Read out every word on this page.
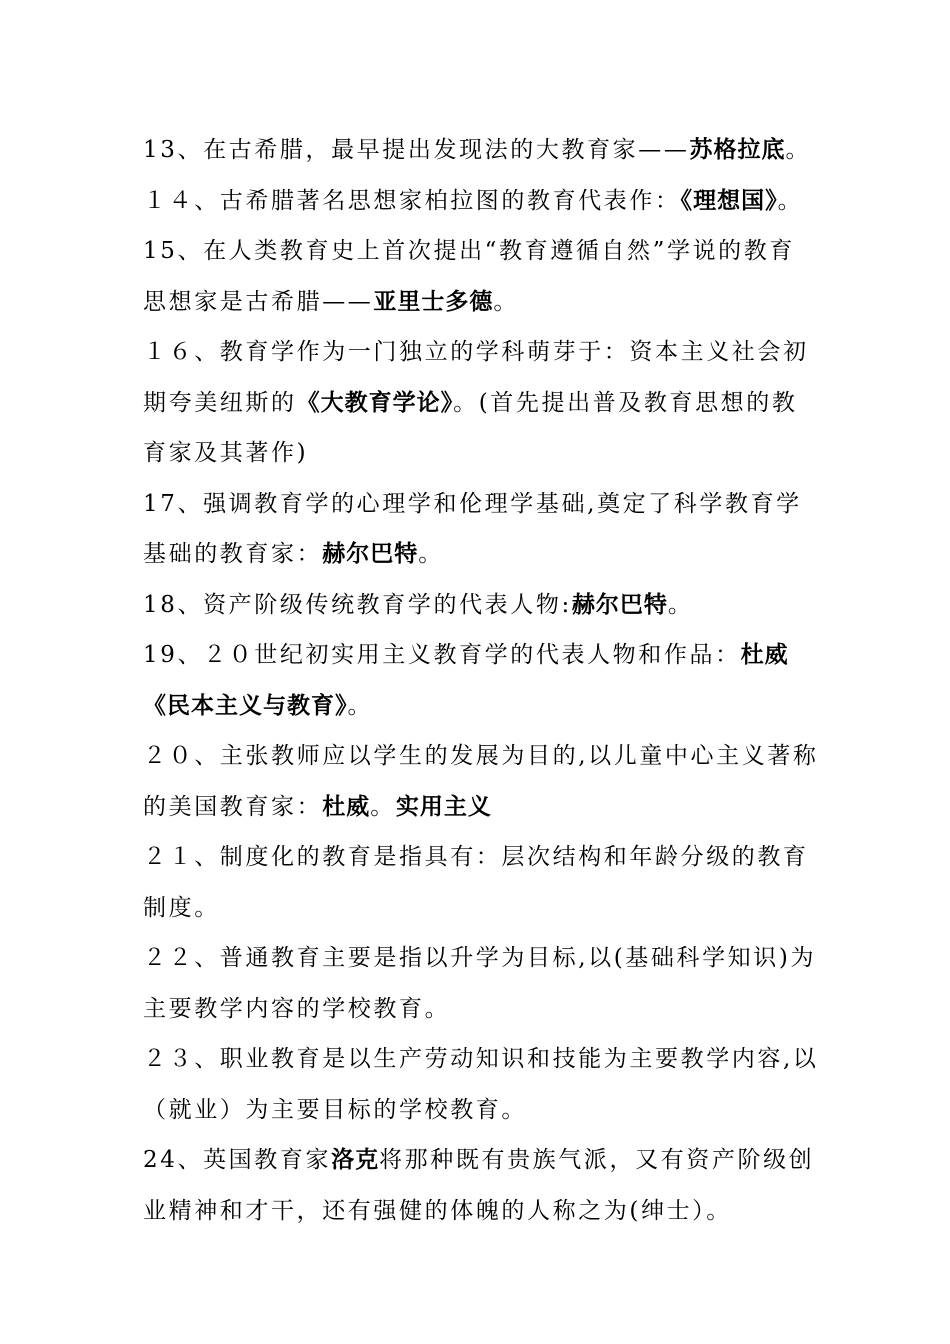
13、在古希腊，最早提出发现法的大教育家——苏格拉底。

１４、古希腊著名思想家柏拉图的教育代表作：《理想国》。

15、在人类教育史上首次提出“教育遵循自然”学说的教育思想家是古希腊——亚里士多德。

１６、教育学作为一门独立的学科萌芽于：资本主义社会初期夸美纽斯的《大教育学论》。(首先提出普及教育思想的教育家及其著作)

17、强调教育学的心理学和伦理学基础,奠定了科学教育学基础的教育家：赫尔巴特。

18、资产阶级传统教育学的代表人物:赫尔巴特。

19、２０世纪初实用主义教育学的代表人物和作品：杜威《民本主义与教育》。

２０、主张教师应以学生的发展为目的,以儿童中心主义著称的美国教育家：杜威。实用主义

２１、制度化的教育是指具有：层次结构和年龄分级的教育制度。

２２、普通教育主要是指以升学为目标,以(基础科学知识)为主要教学内容的学校教育。

２３、职业教育是以生产劳动知识和技能为主要教学内容,以（就业）为主要目标的学校教育。

24、英国教育家洛克将那种既有贵族气派，又有资产阶级创业精神和才干，还有强健的体魄的人称之为(绅士）。
